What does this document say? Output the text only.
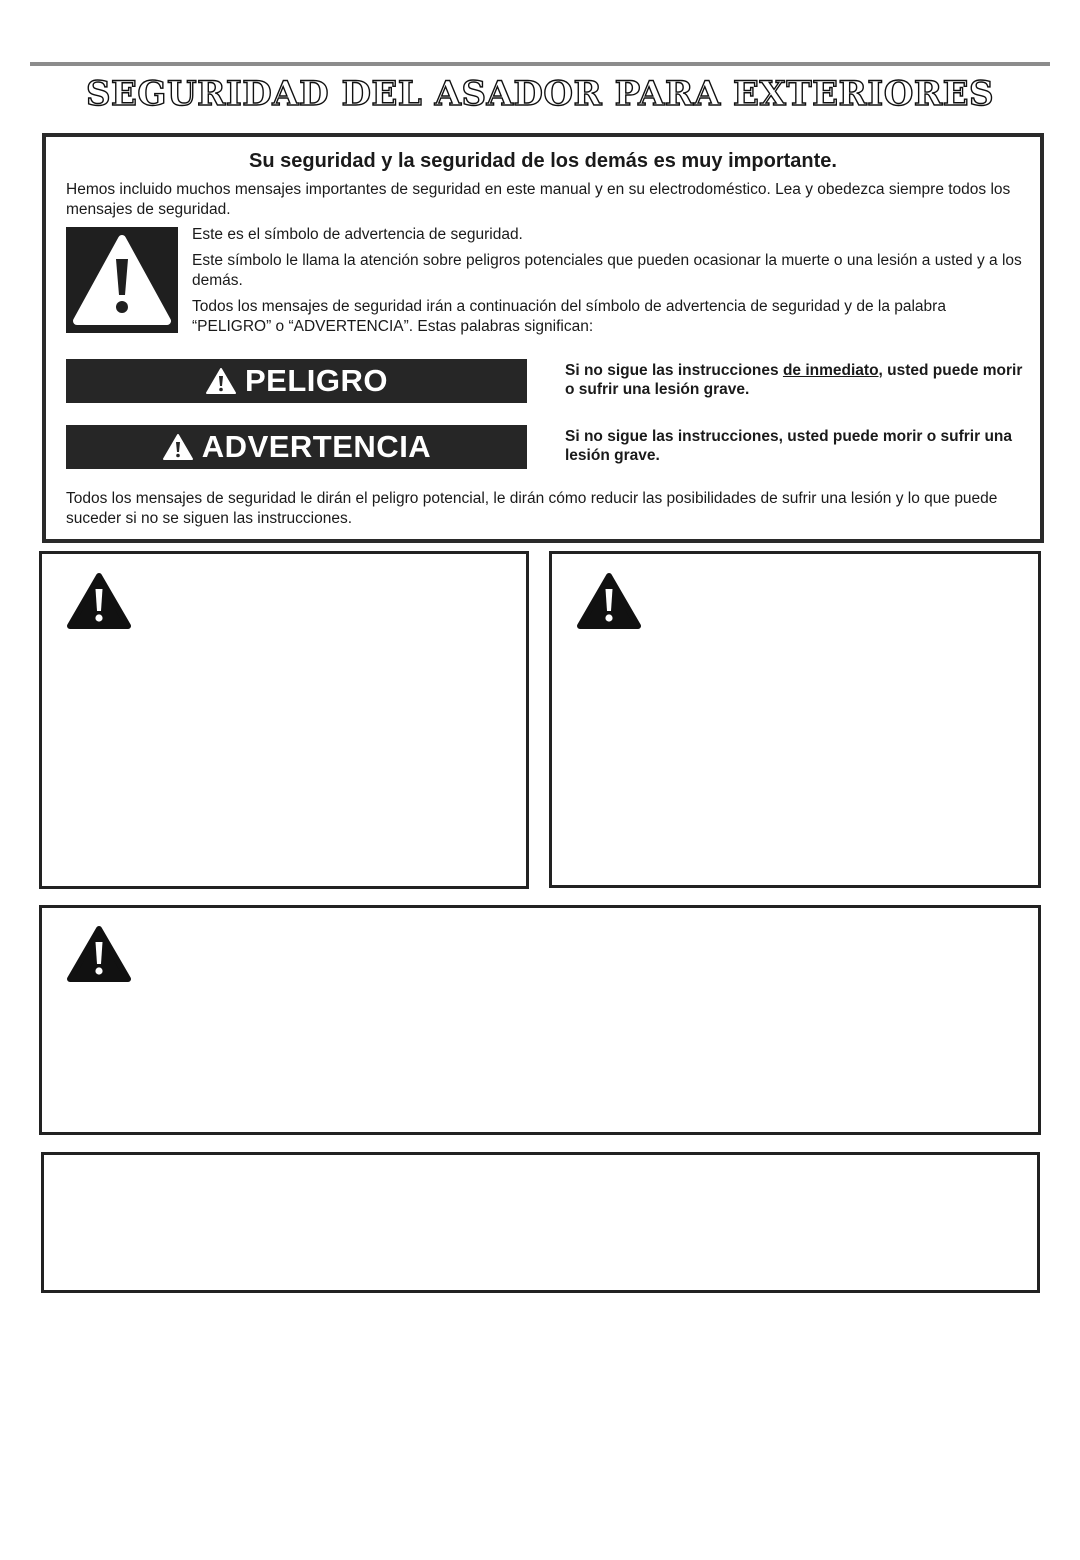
SEGURIDAD DEL ASADOR PARA EXTERIORES
Su seguridad y la seguridad de los demás es muy importante.

Hemos incluido muchos mensajes importantes de seguridad en este manual y en su electrodoméstico. Lea y obedezca siempre todos los mensajes de seguridad.

Este es el símbolo de advertencia de seguridad.

Este símbolo le llama la atención sobre peligros potenciales que pueden ocasionar la muerte o una lesión a usted y a los demás.

Todos los mensajes de seguridad irán a continuación del símbolo de advertencia de seguridad y de la palabra “PELIGRO” o “ADVERTENCIA”. Estas palabras significan:

PELIGRO	Si no sigue las instrucciones de inmediato, usted puede morir o sufrir una lesión grave.

ADVERTENCIA	Si no sigue las instrucciones, usted puede morir o sufrir una lesión grave.

Todos los mensajes de seguridad le dirán el peligro potencial, le dirán cómo reducir las posibilidades de sufrir una lesión y lo que puede suceder si no se siguen las instrucciones.
